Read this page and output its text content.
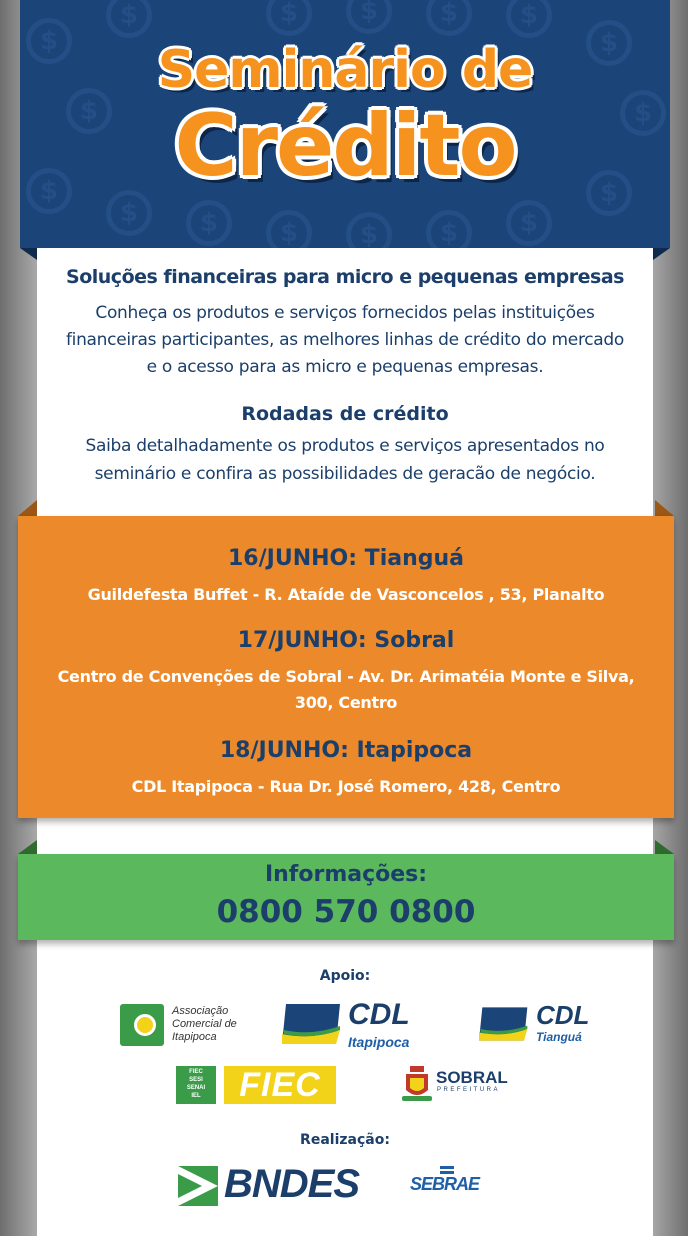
$
$
$
$
$	$
$	$	$	$
$
$
$
$
$
$	$
Seminário de
Crédito
Soluções financeiras para micro e pequenas empresas
Conheça os produtos e serviços fornecidos pelas instituições financeiras participantes, as melhores linhas de crédito do mercado e o acesso para as micro e pequenas empresas.
Rodadas de crédito
Saiba detalhadamente os produtos e serviços apresentados no seminário e confira as possibilidades de geracão de negócio.
16/JUNHO: Tianguá
Guildefesta Buffet - R. Ataíde de Vasconcelos , 53, Planalto
17/JUNHO: Sobral
Centro de Convenções de Sobral - Av. Dr. Arimatéia Monte e Silva, 300, Centro
18/JUNHO: Itapipoca
CDL Itapipoca - Rua Dr. José Romero, 428, Centro
Informações:
0800 570 0800
Apoio:
Associação Comercial de Itapipoca
CDL
Itapipoca
CDL
Tianguá
FIEC
SESI
SENAI
IEL	FIEC	SOBRAL
PREFEITURA
Realização:
BNDES	SEBRAE
